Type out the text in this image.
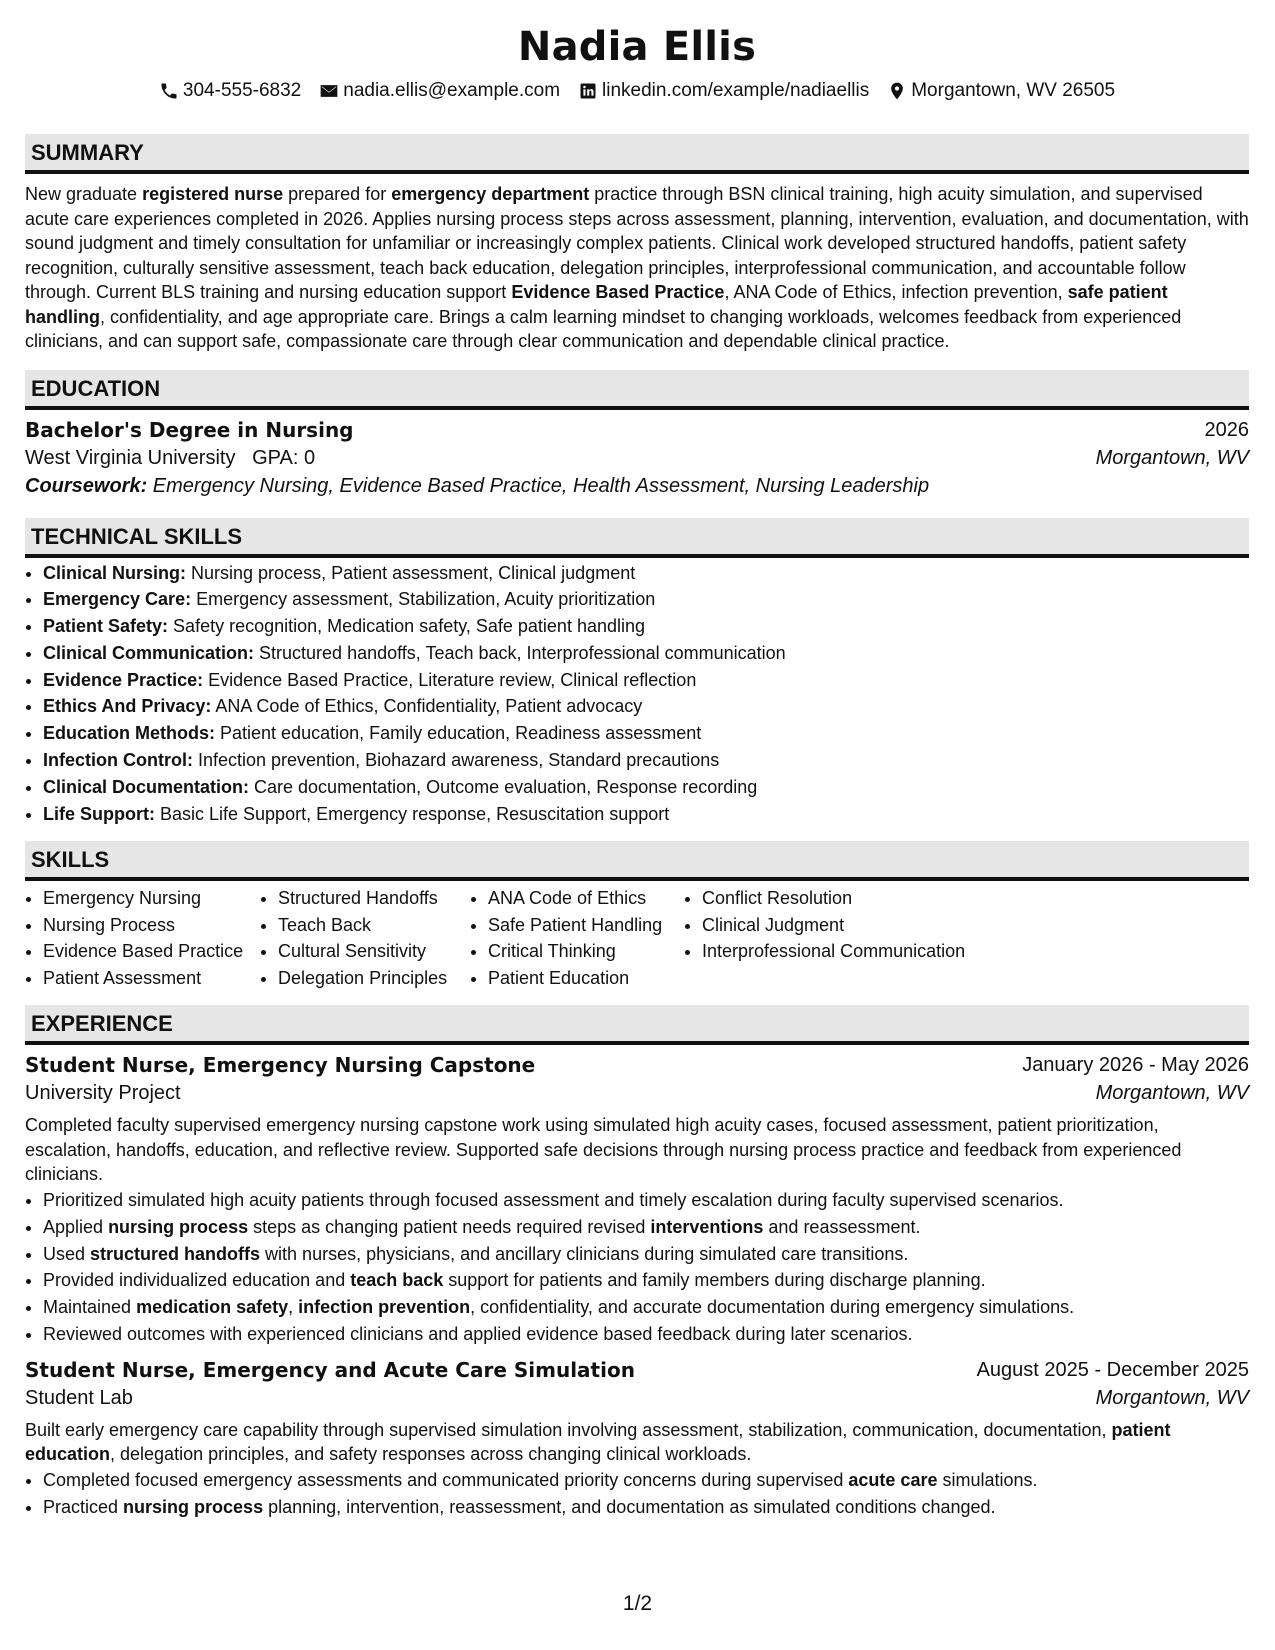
Nadia Ellis
304-555-6832 nadia.ellis@example.com linkedin.com/example/nadiaellis Morgantown, WV 26505
SUMMARY
New graduate registered nurse prepared for emergency department practice through BSN clinical training, high acuity simulation, and supervised acute care experiences completed in 2026. Applies nursing process steps across assessment, planning, intervention, evaluation, and documentation, with sound judgment and timely consultation for unfamiliar or increasingly complex patients. Clinical work developed structured handoffs, patient safety recognition, culturally sensitive assessment, teach back education, delegation principles, interprofessional communication, and accountable follow through. Current BLS training and nursing education support Evidence Based Practice, ANA Code of Ethics, infection prevention, safe patient handling, confidentiality, and age appropriate care. Brings a calm learning mindset to changing workloads, welcomes feedback from experienced clinicians, and can support safe, compassionate care through clear communication and dependable clinical practice.
EDUCATION
Bachelor's Degree in Nursing	2026
West Virginia University GPA: 0	Morgantown, WV
Coursework: Emergency Nursing, Evidence Based Practice, Health Assessment, Nursing Leadership
TECHNICAL SKILLS
• Clinical Nursing: Nursing process, Patient assessment, Clinical judgment
• Emergency Care: Emergency assessment, Stabilization, Acuity prioritization
• Patient Safety: Safety recognition, Medication safety, Safe patient handling
• Clinical Communication: Structured handoffs, Teach back, Interprofessional communication
• Evidence Practice: Evidence Based Practice, Literature review, Clinical reflection
• Ethics And Privacy: ANA Code of Ethics, Confidentiality, Patient advocacy
• Education Methods: Patient education, Family education, Readiness assessment
• Infection Control: Infection prevention, Biohazard awareness, Standard precautions
• Clinical Documentation: Care documentation, Outcome evaluation, Response recording
• Life Support: Basic Life Support, Emergency response, Resuscitation support
SKILLS
• Emergency Nursing
• Nursing Process
• Evidence Based Practice
• Patient Assessment
• Structured Handoffs
• Teach Back
• Cultural Sensitivity
• Delegation Principles
• ANA Code of Ethics
• Safe Patient Handling
• Critical Thinking
• Patient Education
• Conflict Resolution
• Clinical Judgment
• Interprofessional Communication
EXPERIENCE
Student Nurse, Emergency Nursing Capstone	January 2026 - May 2026
University Project	Morgantown, WV
Completed faculty supervised emergency nursing capstone work using simulated high acuity cases, focused assessment, patient prioritization, escalation, handoffs, education, and reflective review. Supported safe decisions through nursing process practice and feedback from experienced clinicians.
• Prioritized simulated high acuity patients through focused assessment and timely escalation during faculty supervised scenarios.
• Applied nursing process steps as changing patient needs required revised interventions and reassessment.
• Used structured handoffs with nurses, physicians, and ancillary clinicians during simulated care transitions.
• Provided individualized education and teach back support for patients and family members during discharge planning.
• Maintained medication safety, infection prevention, confidentiality, and accurate documentation during emergency simulations.
• Reviewed outcomes with experienced clinicians and applied evidence based feedback during later scenarios.
Student Nurse, Emergency and Acute Care Simulation	August 2025 - December 2025
Student Lab	Morgantown, WV
Built early emergency care capability through supervised simulation involving assessment, stabilization, communication, documentation, patient education, delegation principles, and safety responses across changing clinical workloads.
• Completed focused emergency assessments and communicated priority concerns during supervised acute care simulations.
• Practiced nursing process planning, intervention, reassessment, and documentation as simulated conditions changed.
1/2
